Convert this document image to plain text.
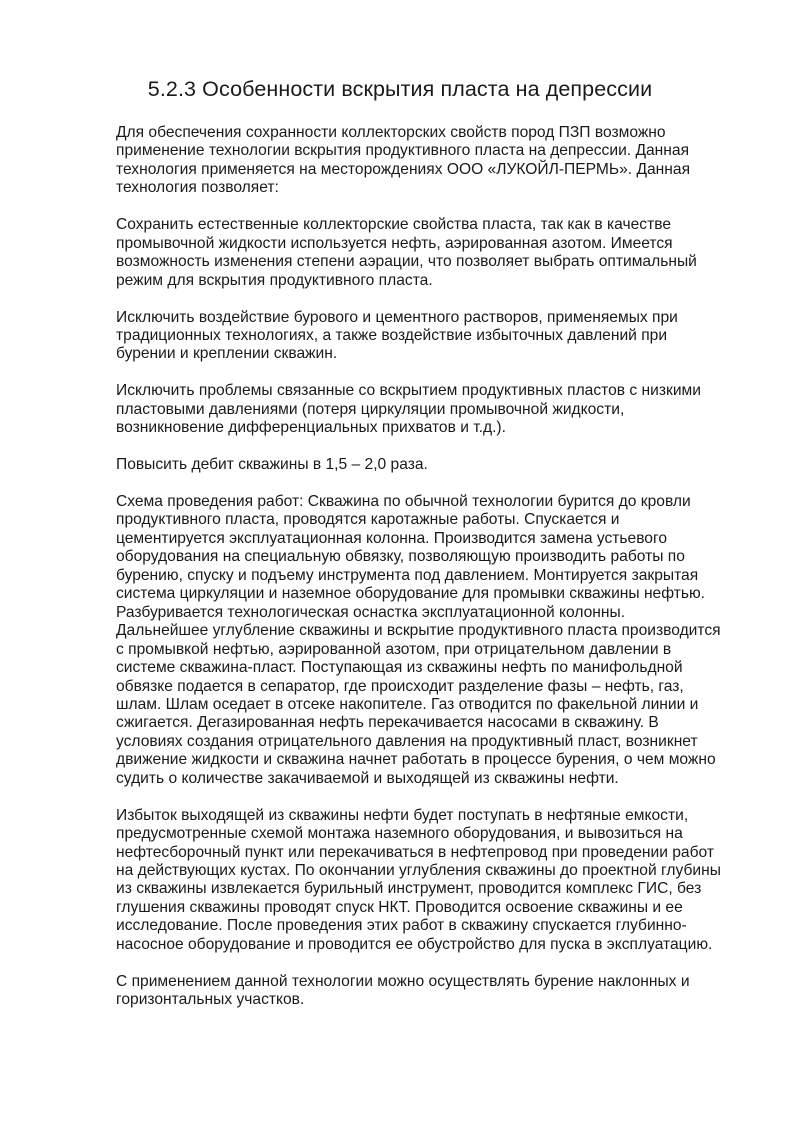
5.2.3 Особенности вскрытия пласта на депрессии

Для обеспечения сохранности коллекторских свойств пород ПЗП возможно
применение технологии вскрытия продуктивного пласта на депрессии. Данная
технология применяется на месторождениях ООО «ЛУКОЙЛ-ПЕРМЬ». Данная
технология позволяет:

Сохранить естественные коллекторские свойства пласта, так как в качестве
промывочной жидкости используется нефть, аэрированная азотом. Имеется
возможность изменения степени аэрации, что позволяет выбрать оптимальный
режим для вскрытия продуктивного пласта.

Исключить воздействие бурового и цементного растворов, применяемых при
традиционных технологиях, а также воздействие избыточных давлений при
бурении и креплении скважин.

Исключить проблемы связанные со вскрытием продуктивных пластов с низкими
пластовыми давлениями (потеря циркуляции промывочной жидкости,
возникновение дифференциальных прихватов и т.д.).

Повысить дебит скважины в 1,5 – 2,0 раза.

Схема проведения работ: Скважина по обычной технологии бурится до кровли
продуктивного пласта, проводятся каротажные работы. Спускается и
цементируется эксплуатационная колонна. Производится замена устьевого
оборудования на специальную обвязку, позволяющую производить работы по
бурению, спуску и подъему инструмента под давлением. Монтируется закрытая
система циркуляции и наземное оборудование для промывки скважины нефтью.
Разбуривается технологическая оснастка эксплуатационной колонны.
Дальнейшее углубление скважины и вскрытие продуктивного пласта производится
с промывкой нефтью, аэрированной азотом, при отрицательном давлении в
системе скважина-пласт. Поступающая из скважины нефть по манифольдной
обвязке подается в сепаратор, где происходит разделение фазы – нефть, газ,
шлам. Шлам оседает в отсеке накопителе. Газ отводится по факельной линии и
сжигается. Дегазированная нефть перекачивается насосами в скважину. В
условиях создания отрицательного давления на продуктивный пласт, возникнет
движение жидкости и скважина начнет работать в процессе бурения, о чем можно
судить о количестве закачиваемой и выходящей из скважины нефти.

Избыток выходящей из скважины нефти будет поступать в нефтяные емкости,
предусмотренные схемой монтажа наземного оборудования, и вывозиться на
нефтесборочный пункт или перекачиваться в нефтепровод при проведении работ
на действующих кустах. По окончании углубления скважины до проектной глубины
из скважины извлекается бурильный инструмент, проводится комплекс ГИС, без
глушения скважины проводят спуск НКТ. Проводится освоение скважины и ее
исследование. После проведения этих работ в скважину спускается глубинно-
насосное оборудование и проводится ее обустройство для пуска в эксплуатацию.

С применением данной технологии можно осуществлять бурение наклонных и
горизонтальных участков.
